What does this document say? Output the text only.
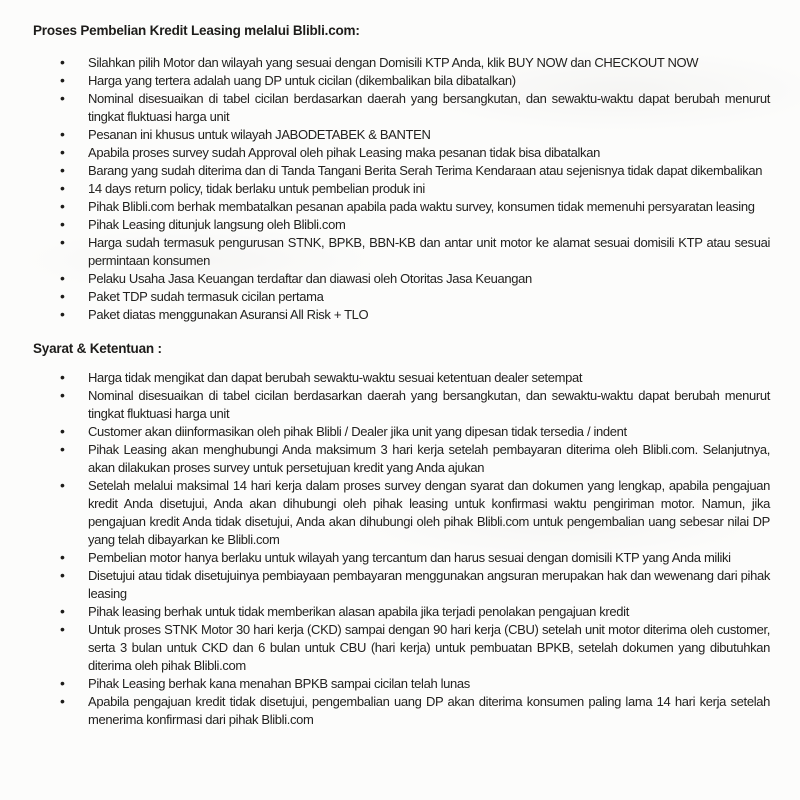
Proses Pembelian Kredit Leasing melalui Blibli.com:
• Silahkan pilih Motor dan wilayah yang sesuai dengan Domisili KTP Anda, klik BUY NOW dan CHECKOUT NOW
• Harga yang tertera adalah uang DP untuk cicilan (dikembalikan bila dibatalkan)
• Nominal disesuaikan di tabel cicilan berdasarkan daerah yang bersangkutan, dan sewaktu-waktu dapat berubah menurut tingkat fluktuasi harga unit
• Pesanan ini khusus untuk wilayah JABODETABEK & BANTEN
• Apabila proses survey sudah Approval oleh pihak Leasing maka pesanan tidak bisa dibatalkan
• Barang yang sudah diterima dan di Tanda Tangani Berita Serah Terima Kendaraan atau sejenisnya tidak dapat dikembalikan
• 14 days return policy, tidak berlaku untuk pembelian produk ini
• Pihak Blibli.com berhak membatalkan pesanan apabila pada waktu survey, konsumen tidak memenuhi persyaratan leasing
• Pihak Leasing ditunjuk langsung oleh Blibli.com
• Harga sudah termasuk pengurusan STNK, BPKB, BBN-KB dan antar unit motor ke alamat sesuai domisili KTP atau sesuai permintaan konsumen
• Pelaku Usaha Jasa Keuangan terdaftar dan diawasi oleh Otoritas Jasa Keuangan
• Paket TDP sudah termasuk cicilan pertama
• Paket diatas menggunakan Asuransi All Risk + TLO
Syarat & Ketentuan :
• Harga tidak mengikat dan dapat berubah sewaktu-waktu sesuai ketentuan dealer setempat
• Nominal disesuaikan di tabel cicilan berdasarkan daerah yang bersangkutan, dan sewaktu-waktu dapat berubah menurut tingkat fluktuasi harga unit
• Customer akan diinformasikan oleh pihak Blibli / Dealer jika unit yang dipesan tidak tersedia / indent
• Pihak Leasing akan menghubungi Anda maksimum 3 hari kerja setelah pembayaran diterima oleh Blibli.com. Selanjutnya, akan dilakukan proses survey untuk persetujuan kredit yang Anda ajukan
• Setelah melalui maksimal 14 hari kerja dalam proses survey dengan syarat dan dokumen yang lengkap, apabila pengajuan kredit Anda disetujui, Anda akan dihubungi oleh pihak leasing untuk konfirmasi waktu pengiriman motor. Namun, jika pengajuan kredit Anda tidak disetujui, Anda akan dihubungi oleh pihak Blibli.com untuk pengembalian uang sebesar nilai DP yang telah dibayarkan ke Blibli.com
• Pembelian motor hanya berlaku untuk wilayah yang tercantum dan harus sesuai dengan domisili KTP yang Anda miliki
• Disetujui atau tidak disetujuinya pembiayaan pembayaran menggunakan angsuran merupakan hak dan wewenang dari pihak leasing
• Pihak leasing berhak untuk tidak memberikan alasan apabila jika terjadi penolakan pengajuan kredit
• Untuk proses STNK Motor 30 hari kerja (CKD) sampai dengan 90 hari kerja (CBU) setelah unit motor diterima oleh customer, serta 3 bulan untuk CKD dan 6 bulan untuk CBU (hari kerja) untuk pembuatan BPKB, setelah dokumen yang dibutuhkan diterima oleh pihak Blibli.com
• Pihak Leasing berhak kana menahan BPKB sampai cicilan telah lunas
• Apabila pengajuan kredit tidak disetujui, pengembalian uang DP akan diterima konsumen paling lama 14 hari kerja setelah menerima konfirmasi dari pihak Blibli.com
